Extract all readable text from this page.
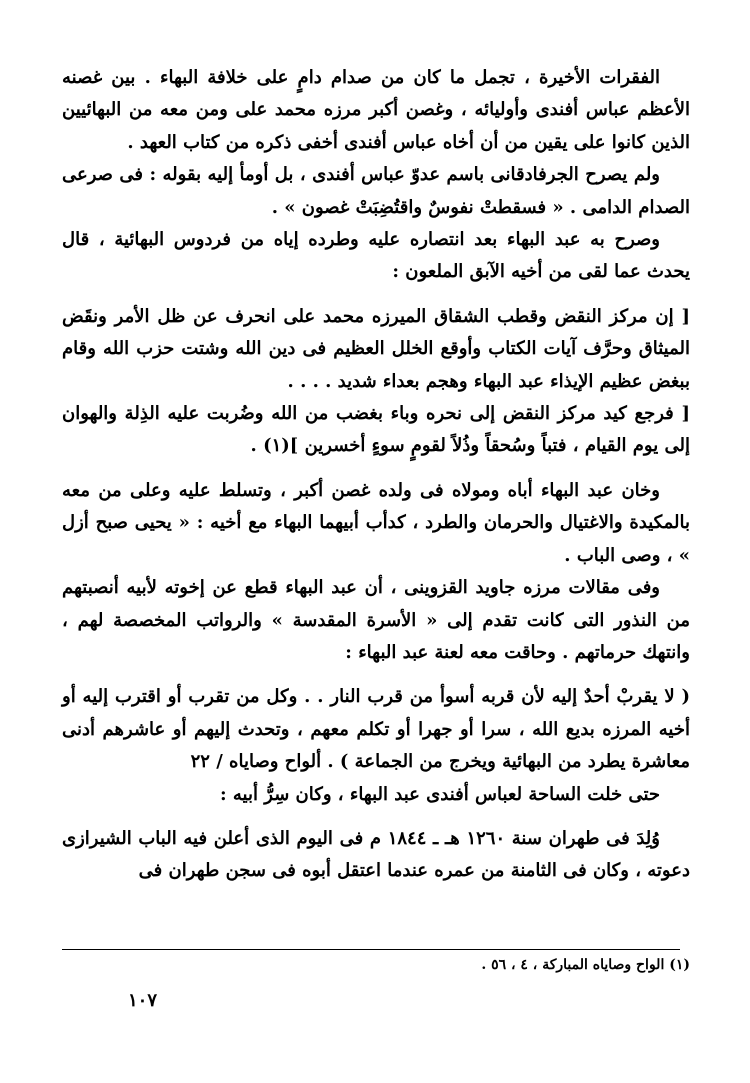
الفقرات الأخيرة ، تجمل ما كان من صدام دامٍ على خلافة البهاء . بين غصنه الأعظم عباس أفندى وأوليائه ، وغصن أكبر مرزه محمد على ومن معه من البهائيين الذين كانوا على يقين من أن أخاه عباس أفندى أخفى ذكره من كتاب العهد .

ولم يصرح الجرفادقانى باسم عدوّ عباس أفندى ، بل أومأ إليه بقوله : فى صرعى الصدام الدامى . « فسقطتْ نفوسٌ واقتُضِبَتْ غصون » .

وصرح به عبد البهاء بعد انتصاره عليه وطرده إياه من فردوس البهائية ، قال يحدث عما لقى من أخيه الآبق الملعون :

[ إن مركز النقض وقطب الشقاق الميرزه محمد على انحرف عن ظل الأمر ونقَض الميثاق وحرَّف آيات الكتاب وأوقع الخلل العظيم فى دين الله وشتت حزب الله وقام ببغض عظيم الإيذاء عبد البهاء وهجم بعداء شديد . . . .

[ فرجع كيد مركز النقض إلى نحره وباء بغضب من الله وضُربت عليه الذِلة والهوان إلى يوم القيام ، فتباً وسُحقاً وذُلاً لقومٍ سوءٍ أخسرين ](١) .

وخان عبد البهاء أباه ومولاه فى ولده غصن أكبر ، وتسلط عليه وعلى من معه بالمكيدة والاغتيال والحرمان والطرد ، كدأب أبيهما البهاء مع أخيه : « يحيى صبح أزل » ، وصى الباب .

وفى مقالات مرزه جاويد القزوينى ، أن عبد البهاء قطع عن إخوته لأبيه أنصبتهم من النذور التى كانت تقدم إلى « الأسرة المقدسة » والرواتب المخصصة لهم ، وانتهك حرماتهم . وحاقت معه لعنة عبد البهاء :

( لا يقربْ أحدٌ إليه لأن قربه أسوأ من قرب النار . . وكل من تقرب أو اقترب إليه أو أخيه المرزه بديع الله ، سرا أو جهرا أو تكلم معهم ، وتحدث إليهم أو عاشرهم أدنى معاشرة يطرد من البهائية ويخرج من الجماعة ) . ألواح وصاياه / ٢٢

حتى خلت الساحة لعباس أفندى عبد البهاء ، وكان سِرُّ أبيه :

وُلِدَ فى طهران سنة ١٢٦٠ هـ ـ ١٨٤٤ م فى اليوم الذى أعلن فيه الباب الشيرازى دعوته ، وكان فى الثامنة من عمره عندما اعتقل أبوه فى سجن طهران فى

(١) الواح وصاياه المباركة ، ٤ ، ٥٦ .
١٠٧
